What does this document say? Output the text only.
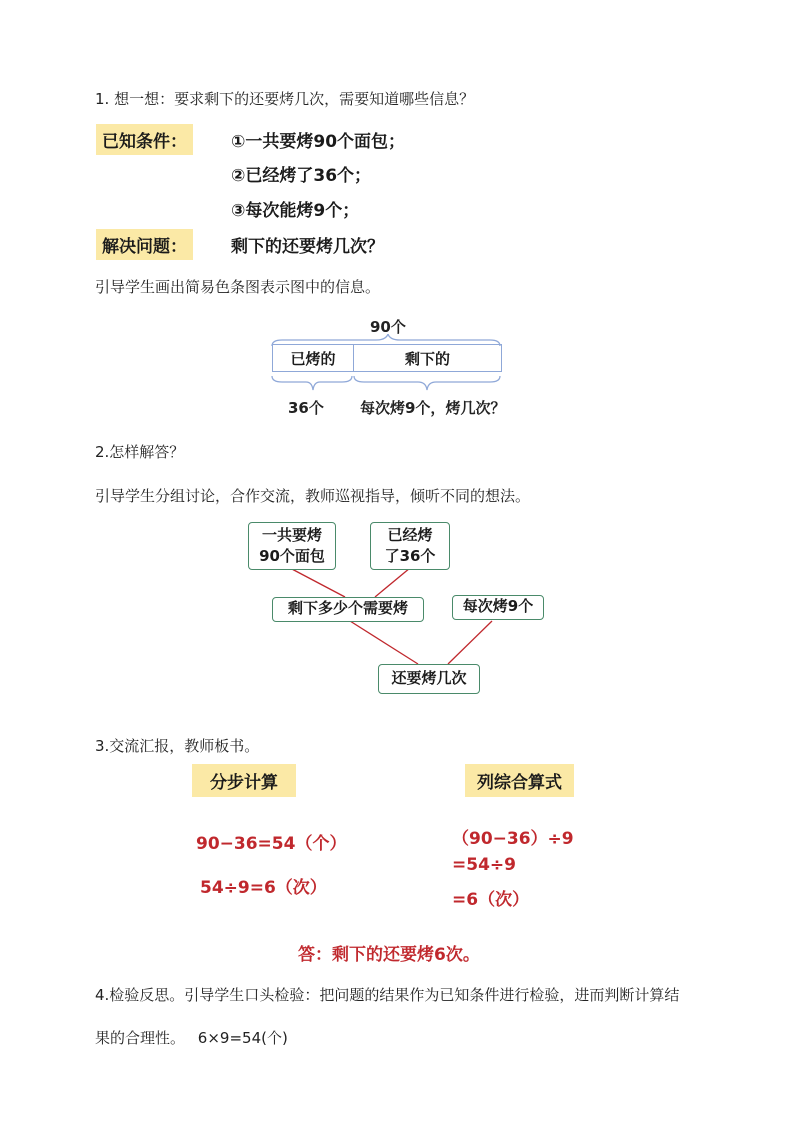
1. 想一想：要求剩下的还要烤几次，需要知道哪些信息？
已知条件：	①一共要烤90个面包；
②已经烤了36个；
③每次能烤9个；
解决问题：	剩下的还要烤几次？
引导学生画出简易色条图表示图中的信息。
90个
已烤的	剩下的
36个 每次烤9个，烤几次？
2.怎样解答？
引导学生分组讨论，合作交流，教师巡视指导，倾听不同的想法。
一共要烤
90个面包
已经烤
了36个
剩下多少个需要烤	每次烤9个
还要烤几次
3.交流汇报，教师板书。
分步计算	列综合算式
90−36=54（个）
54÷9=6（次）
（90−36）÷9
=54÷9
=6（次）
答：剩下的还要烤6次。
4.检验反思。引导学生口头检验：把问题的结果作为已知条件进行检验，进而判断计算结
果的合理性。 6×9=54(个)
